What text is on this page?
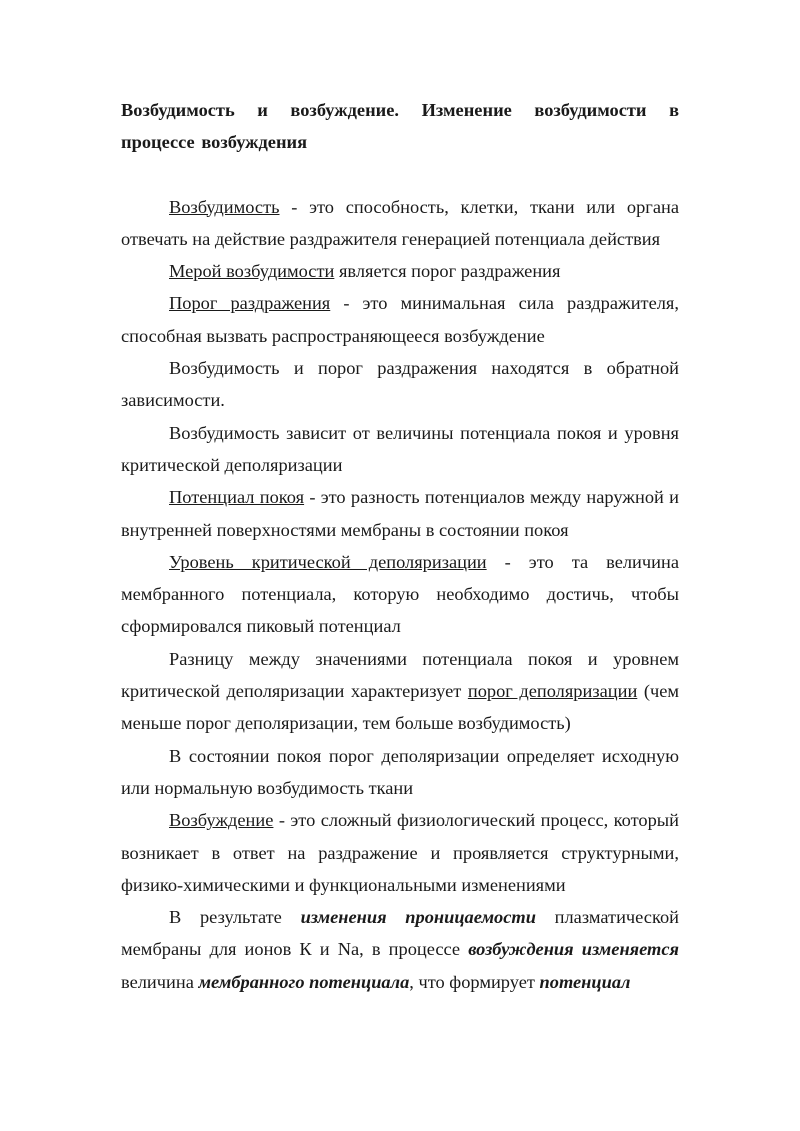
Возбудимость и возбуждение. Изменение возбудимости в процессе возбуждения

Возбудимость - это способность, клетки, ткани или органа отвечать на действие раздражителя генерацией потенциала действия

Мерой возбудимости является порог раздражения

Порог раздражения - это минимальная сила раздражителя, способная вызвать распространяющееся возбуждение

Возбудимость и порог раздражения находятся в обратной зависимости.

Возбудимость зависит от величины потенциала покоя и уровня критической деполяризации

Потенциал покоя - это разность потенциалов между наружной и внутренней поверхностями мембраны в состоянии покоя

Уровень критической деполяризации - это та величина мембранного потенциала, которую необходимо достичь, чтобы сформировался пиковый потенциал

Разницу между значениями потенциала покоя и уровнем критической деполяризации характеризует порог деполяризации (чем меньше порог деполяризации, тем больше возбудимость)

В состоянии покоя порог деполяризации определяет исходную или нормальную возбудимость ткани

Возбуждение - это сложный физиологический процесс, который возникает в ответ на раздражение и проявляется структурными, физико-химическими и функциональными изменениями

В результате изменения проницаемости плазматической мембраны для ионов К и Na, в процессе возбуждения изменяется величина мембранного потенциала, что формирует потенциал
